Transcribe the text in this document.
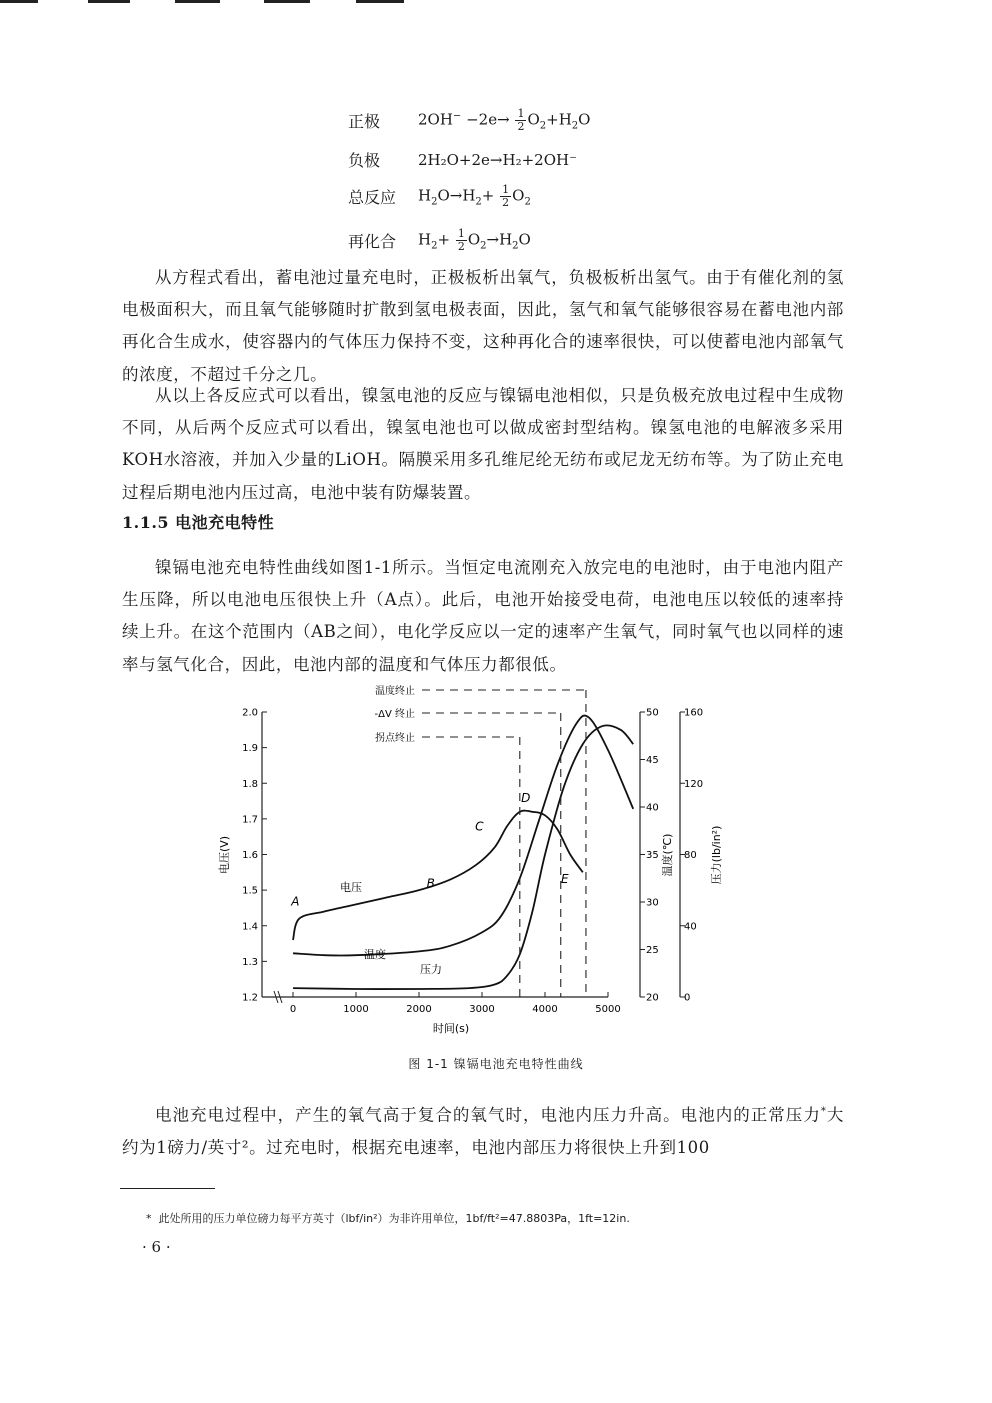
正极	$2OH^- -2e\to \frac{1}{2} O_2+H_2O$
负极	2H₂O+2e→H₂+2OH⁻
总反应	$H_2O\to H_2+ \frac{1}{2} O_2$
再化合	$H_2+ \frac{1}{2} O_2\to H_2O$

从方程式看出，蓄电池过量充电时，正极板析出氧气，负极板析出氢气。由于有催化剂的氢电极面积大，而且氧气能够随时扩散到氢电极表面，因此，氢气和氧气能够很容易在蓄电池内部再化合生成水，使容器内的气体压力保持不变，这种再化合的速率很快，可以使蓄电池内部氧气的浓度，不超过千分之几。

从以上各反应式可以看出，镍氢电池的反应与镍镉电池相似，只是负极充放电过程中生成物不同，从后两个反应式可以看出，镍氢电池也可以做成密封型结构。镍氢电池的电解液多采用KOH水溶液，并加入少量的LiOH。隔膜采用多孔维尼纶无纺布或尼龙无纺布等。为了防止充电过程后期电池内压过高，电池中装有防爆装置。

1.1.5 电池充电特性

镍镉电池充电特性曲线如图1-1所示。当恒定电流刚充入放完电的电池时，由于电池内阻产生压降，所以电池电压很快上升（A点）。此后，电池开始接受电荷，电池电压以较低的速率持续上升。在这个范围内（AB之间），电化学反应以一定的速率产生氧气，同时氧气也以同样的速率与氢气化合，因此，电池内部的温度和气体压力都很低。

0	1000	2000	3000	4000	5000
1.2
1.3
1.4
1.5
1.6
1.7
1.8
1.9
2.0
20
25
30
35
40
45
50
0
40
80
120
160
电压(V)	温度(℃)	压力(lb/in²)
时间(s)
电压
温度
压力
A
B
C
D
E
温度终止
-ΔV 终止
拐点终止
图 1-1 镍镉电池充电特性曲线

电池充电过程中，产生的氧气高于复合的氧气时，电池内压力升高。电池内的正常压力*大约为1磅力/英寸²。过充电时，根据充电速率，电池内部压力将很快上升到100

* 此处所用的压力单位磅力每平方英寸（lbf/in²）为非许用单位，1bf/ft²=47.8803Pa，1ft=12in.
· 6 ·
